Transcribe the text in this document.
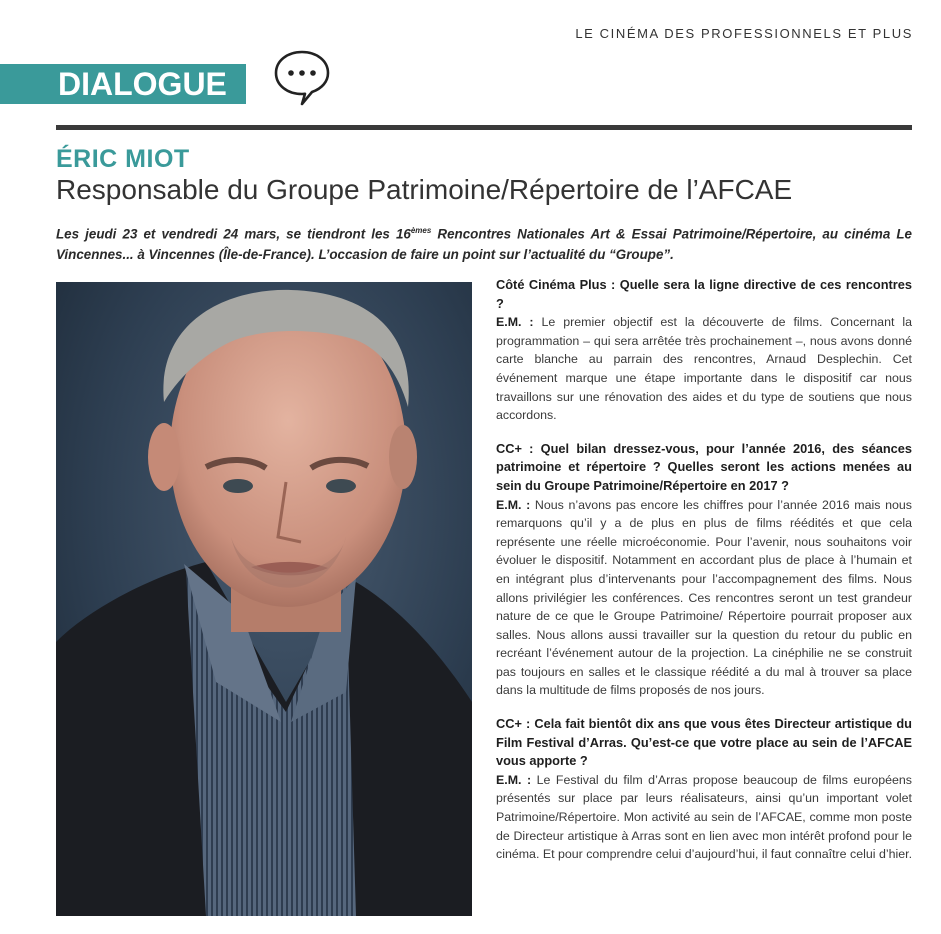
LE CINÉMA DES PROFESSIONNELS ET PLUS
DIALOGUE
ÉRIC MIOT
Responsable du Groupe Patrimoine/Répertoire de l’AFCAE
Les jeudi 23 et vendredi 24 mars, se tiendront les 16èmes Rencontres Nationales Art & Essai Patrimoine/Répertoire, au cinéma Le Vincennes... à Vincennes (Île-de-France). L’occasion de faire un point sur l’actualité du “Groupe”.
Côté Cinéma Plus : Quelle sera la ligne directive de ces rencontres ?

E.M. : Le premier objectif est la découverte de films. Concernant la programmation – qui sera arrêtée très prochainement –, nous avons donné carte blanche au parrain des rencontres, Arnaud Desplechin. Cet événement marque une étape importante dans le dispositif car nous travaillons sur une rénovation des aides et du type de soutiens que nous accordons.

CC+ : Quel bilan dressez-vous, pour l’année 2016, des séances patrimoine et répertoire ? Quelles seront les actions menées au sein du Groupe Patrimoine/Répertoire en 2017 ?

E.M. : Nous n’avons pas encore les chiffres pour l’année 2016 mais nous remarquons qu’il y a de plus en plus de films réédités et que cela représente une réelle microéconomie. Pour l’avenir, nous souhaitons voir évoluer le dispositif. Notamment en accordant plus de place à l’humain et en intégrant plus d’intervenants pour l’accompagnement des films. Nous allons privilégier les conférences. Ces rencontres seront un test grandeur nature de ce que le Groupe Patrimoine/ Répertoire pourrait proposer aux salles. Nous allons aussi travailler sur la question du retour du public en recréant l’événement autour de la projection. La cinéphilie ne se construit pas toujours en salles et le classique réédité a du mal à trouver sa place dans la multitude de films proposés de nos jours.

CC+ : Cela fait bientôt dix ans que vous êtes Directeur artistique du Film Festival d’Arras. Qu’est-ce que votre place au sein de l’AFCAE vous apporte ?

E.M. : Le Festival du film d’Arras propose beaucoup de films européens présentés sur place par leurs réalisateurs, ainsi qu’un important volet Patrimoine/Répertoire. Mon activité au sein de l’AFCAE, comme mon poste de Directeur artistique à Arras sont en lien avec mon intérêt profond pour le cinéma. Et pour comprendre celui d’aujourd’hui, il faut connaître celui d’hier.
